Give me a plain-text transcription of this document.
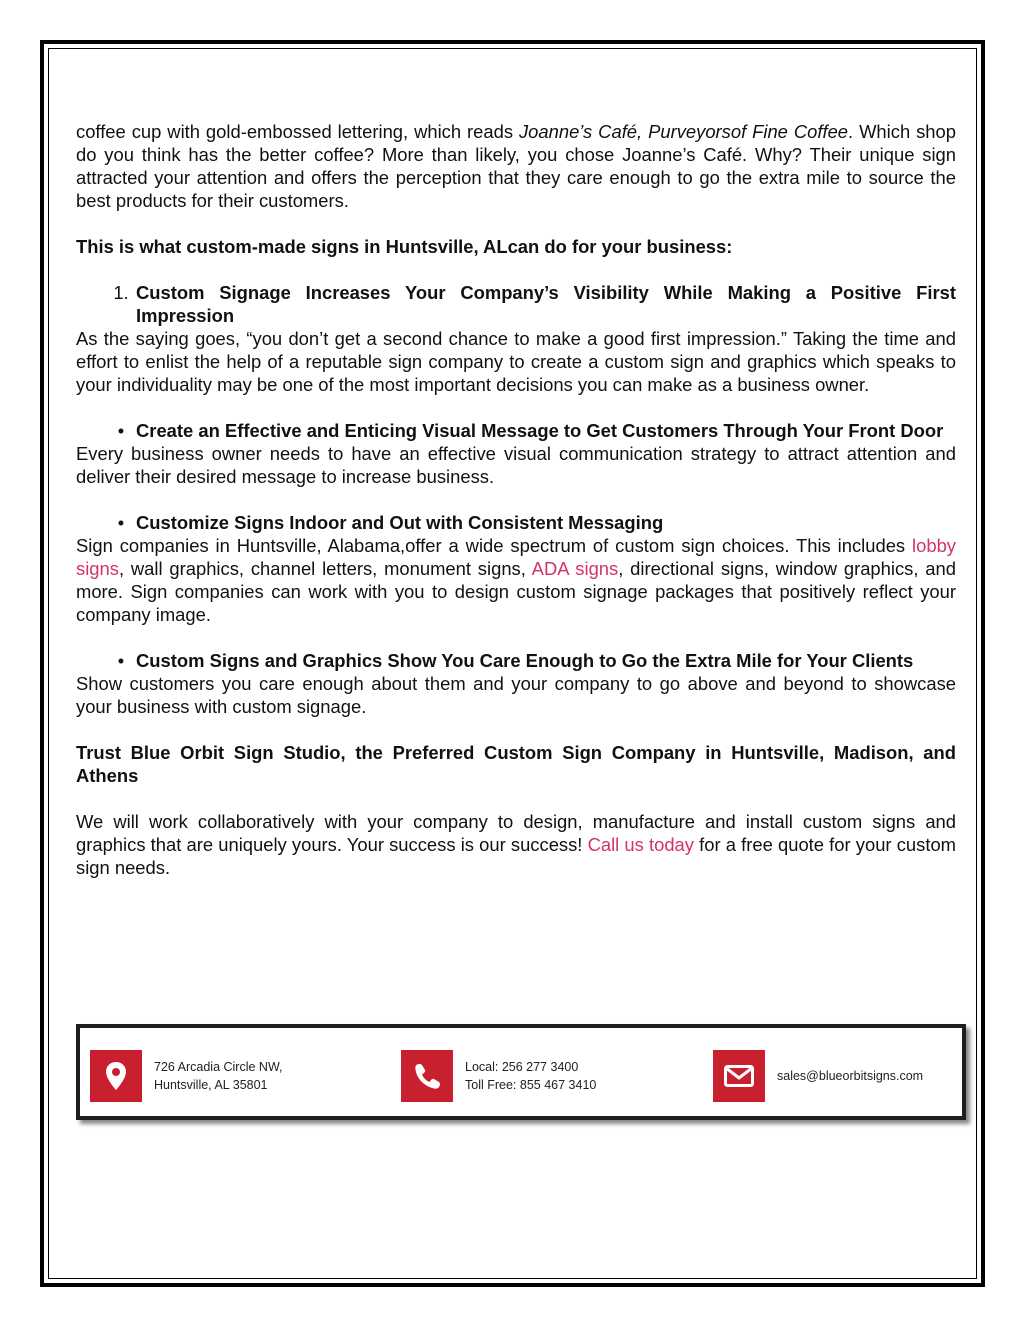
coffee cup with gold-embossed lettering, which reads Joanne’s Café, Purveyorsof Fine Coffee. Which shop do you think has the better coffee? More than likely, you chose Joanne’s Café. Why? Their unique sign attracted your attention and offers the perception that they care enough to go the extra mile to source the best products for their customers.

This is what custom-made signs in Huntsville, ALcan do for your business:

1. Custom Signage Increases Your Company’s Visibility While Making a Positive First Impression

As the saying goes, “you don’t get a second chance to make a good first impression.” Taking the time and effort to enlist the help of a reputable sign company to create a custom sign and graphics which speaks to your individuality may be one of the most important decisions you can make as a business owner.

• Create an Effective and Enticing Visual Message to Get Customers Through Your Front Door

Every business owner needs to have an effective visual communication strategy to attract attention and deliver their desired message to increase business.

• Customize Signs Indoor and Out with Consistent Messaging

Sign companies in Huntsville, Alabama,offer a wide spectrum of custom sign choices. This includes lobby signs, wall graphics, channel letters, monument signs, ADA signs, directional signs, window graphics, and more. Sign companies can work with you to design custom signage packages that positively reflect your company image.

• Custom Signs and Graphics Show You Care Enough to Go the Extra Mile for Your Clients

Show customers you care enough about them and your company to go above and beyond to showcase your business with custom signage.

Trust Blue Orbit Sign Studio, the Preferred Custom Sign Company in Huntsville, Madison, and Athens

We will work collaboratively with your company to design, manufacture and install custom signs and graphics that are uniquely yours. Your success is our success! Call us today for a free quote for your custom sign needs.

726 Arcadia Circle NW,
Huntsville, AL 35801
Local: 256 277 3400
Toll Free: 855 467 3410
sales@blueorbitsigns.com
